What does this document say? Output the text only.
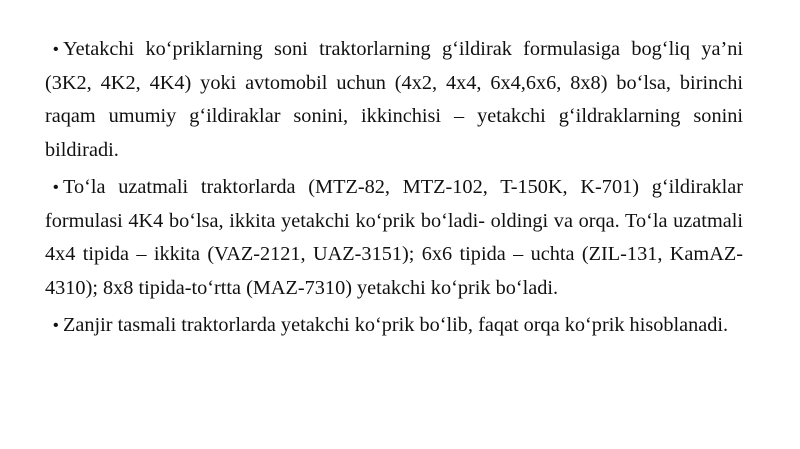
• Yetakchi ko‘priklarning soni traktorlarning g‘ildirak formulasiga bog‘liq ya’ni (3K2, 4K2, 4K4) yoki avtomobil uchun (4x2, 4x4, 6x4,6x6, 8x8) bo‘lsa, birinchi raqam umumiy g‘ildiraklar sonini, ikkinchisi – yetakchi g‘ildraklarning sonini bildiradi.

• To‘la uzatmali traktorlarda (MTZ-82, MTZ-102, T-150K, K-701) g‘ildiraklar formulasi 4K4 bo‘lsa, ikkita yetakchi ko‘prik bo‘ladi- oldingi va orqa. To‘la uzatmali 4x4 tipida – ikkita (VAZ-2121, UAZ-3151); 6x6 tipida – uchta (ZIL-131, KamAZ-4310); 8x8 tipida-to‘rtta (MAZ-7310) yetakchi ko‘prik bo‘ladi.

• Zanjir tasmali traktorlarda yetakchi ko‘prik bo‘lib, faqat orqa ko‘prik hisoblanadi.
